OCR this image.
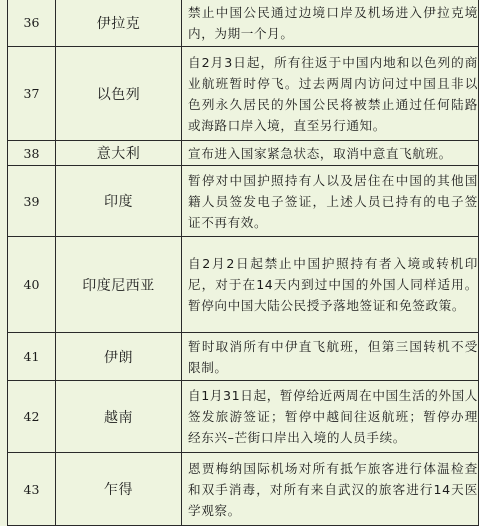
36	伊拉克	禁止中国公民通过边境口岸及机场进入伊拉克境内，为期一个月。

37	以色列	自2月3日起，所有往返于中国内地和以色列的商业航班暂时停飞。过去两周内访问过中国且非以色列永久居民的外国公民将被禁止通过任何陆路或海路口岸入境，直至另行通知。

38	意大利	宣布进入国家紧急状态，取消中意直飞航班。

39	印度	暂停对中国护照持有人以及居住在中国的其他国籍人员签发电子签证，上述人员已持有的电子签证不再有效。

40	印度尼西亚	自2月2日起禁止中国护照持有者入境或转机印尼，对于在14天内到过中国的外国人同样适用。暂停向中国大陆公民授予落地签证和免签政策。

41	伊朗	暂时取消所有中伊直飞航班，但第三国转机不受限制。

42	越南	自1月31日起，暂停给近两周在中国生活的外国人签发旅游签证；暂停中越间往返航班；暂停办理经东兴–芒街口岸出入境的人员手续。

43	乍得	恩贾梅纳国际机场对所有抵乍旅客进行体温检查和双手消毒，对所有来自武汉的旅客进行14天医学观察。
